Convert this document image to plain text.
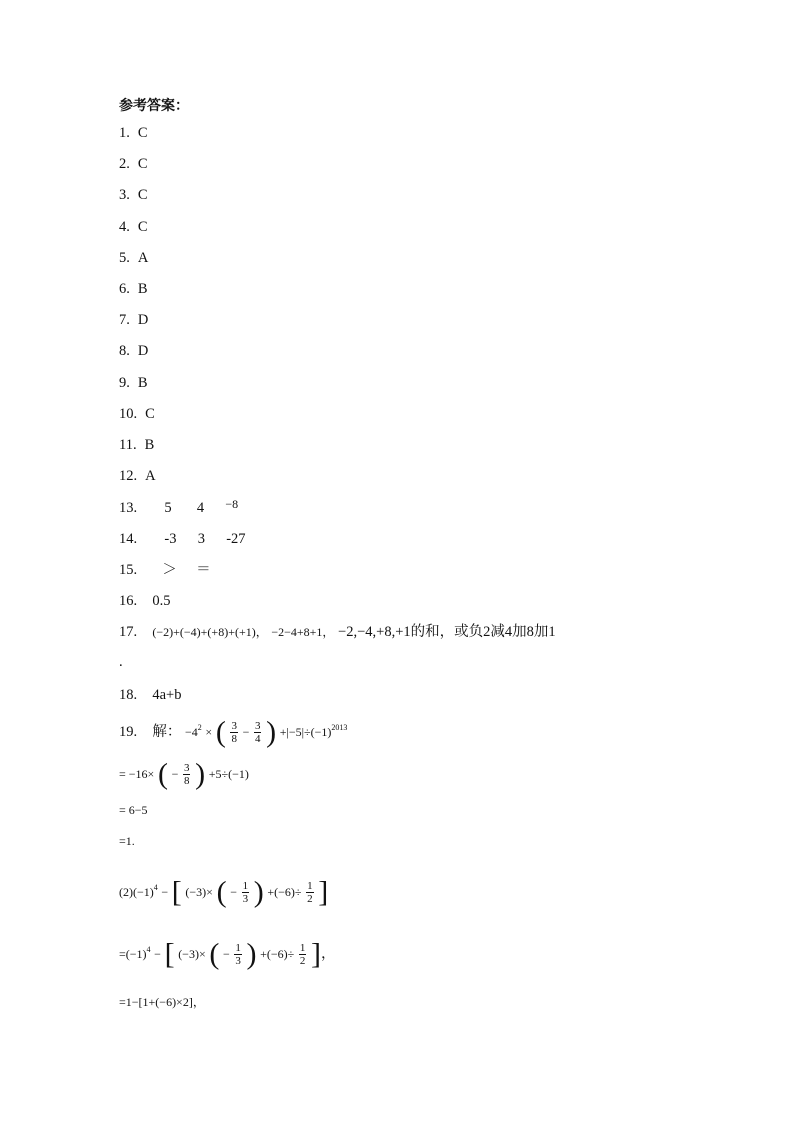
参考答案：
1. C
2. C
3. C
4. C
5. A
6. B
7. D
8. D
9. B
10. C
11. B
12. A
13. 5 4 $^{-8}$
14. -3 3 -27
15. ＞ ＝
16. 0.5
17. (−2)+(−4)+(+8)+(+1)， −2−4+8+1， −2,−4,+8,+1的和，或负2减4加8加1
.
18. 4a+b
19. 解： $-4^2$ × ( $\frac{3}{8} - \frac{3}{4}$ ) $+|-5|\div(-1)^{2013}$
= −16× ( − $\frac{3}{8}$ ) +5÷(−1)
= 6−5
=1.
$(2)(-1)^4$ − [ (−3)× ( − $\frac{1}{3}$ ) $+(-6)\div \frac{1}{2}$ ]
$=(-1)^4$ − [ (−3)× ( − $\frac{1}{3}$ ) $+(-6)\div \frac{1}{2}$ ]，
=1−[1+(−6)×2]，
